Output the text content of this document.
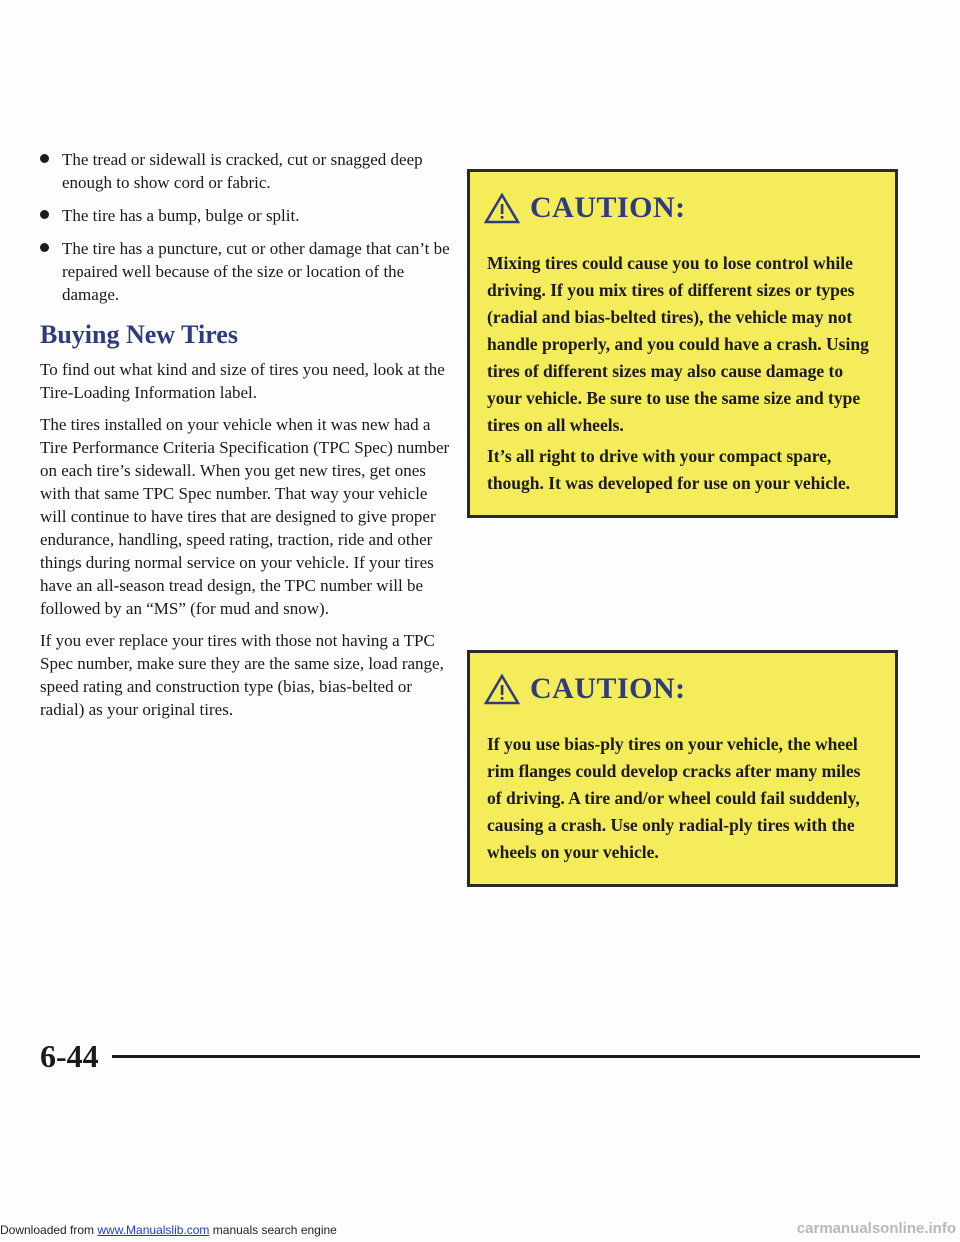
The tread or sidewall is cracked, cut or snagged deep enough to show cord or fabric.
The tire has a bump, bulge or split.
The tire has a puncture, cut or other damage that can’t be repaired well because of the size or location of the damage.
Buying New Tires

To find out what kind and size of tires you need, look at the Tire-Loading Information label.

The tires installed on your vehicle when it was new had a Tire Performance Criteria Specification (TPC Spec) number on each tire’s sidewall. When you get new tires, get ones with that same TPC Spec number. That way your vehicle will continue to have tires that are designed to give proper endurance, handling, speed rating, traction, ride and other things during normal service on your vehicle. If your tires have an all-season tread design, the TPC number will be followed by an “MS” (for mud and snow).

If you ever replace your tires with those not having a TPC Spec number, make sure they are the same size, load range, speed rating and construction type (bias, bias-belted or radial) as your original tires.

CAUTION:

Mixing tires could cause you to lose control while driving. If you mix tires of different sizes or types (radial and bias-belted tires), the vehicle may not handle properly, and you could have a crash. Using tires of different sizes may also cause damage to your vehicle. Be sure to use the same size and type tires on all wheels.

It’s all right to drive with your compact spare, though. It was developed for use on your vehicle.

CAUTION:

If you use bias-ply tires on your vehicle, the wheel rim flanges could develop cracks after many miles of driving. A tire and/or wheel could fail suddenly, causing a crash. Use only radial-ply tires with the wheels on your vehicle.

6-44
Downloaded from www.Manualslib.com manuals search engine	carmanualsonline.info
